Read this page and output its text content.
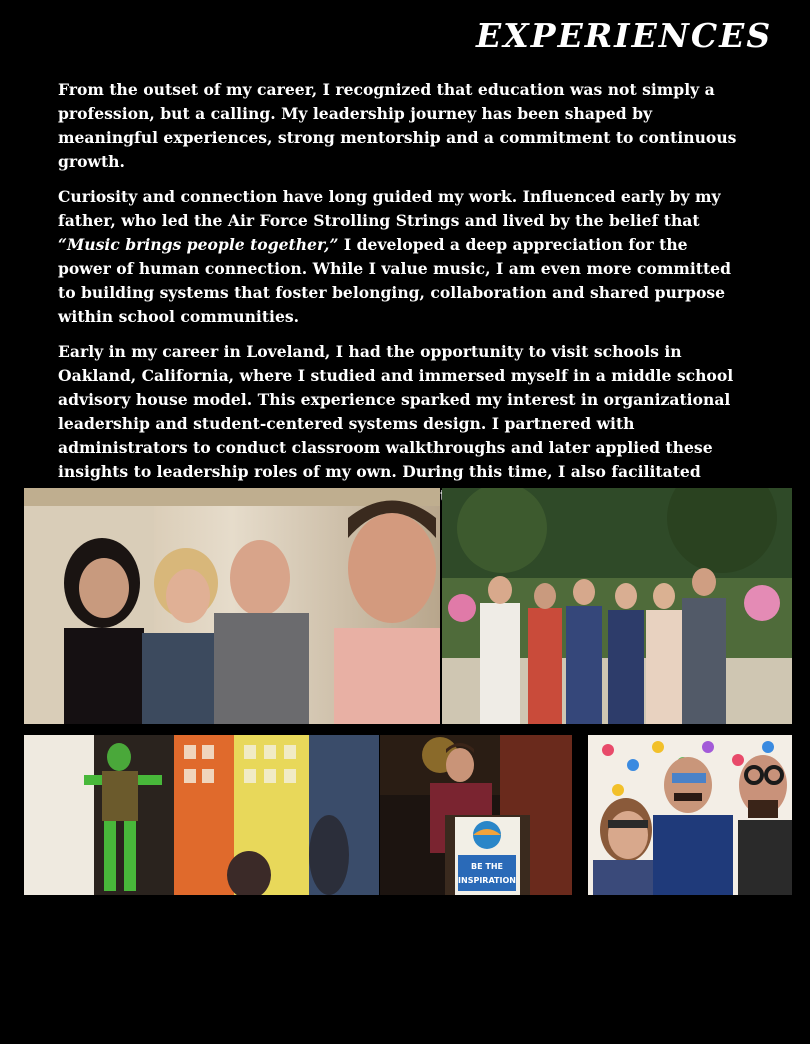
EXPERIENCES

From the outset of my career, I recognized that education was not simply a profession, but a calling. My leadership journey has been shaped by meaningful experiences, strong mentorship and a commitment to continuous growth.

Curiosity and connection have long guided my work. Influenced early by my father, who led the Air Force Strolling Strings and lived by the belief that “Music brings people together,” I developed a deep appreciation for the power of human connection. While I value music, I am even more committed to building systems that foster belonging, collaboration and shared purpose within school communities.

Early in my career in Loveland, I had the opportunity to visit schools in Oakland, California, where I studied and immersed myself in a middle school advisory house model. This experience sparked my interest in organizational leadership and student-centered systems design. I partnered with administrators to conduct classroom walkthroughs and later applied these insights to leadership roles of my own. During this time, I also facilitated

BE THE
INSPIRATION
